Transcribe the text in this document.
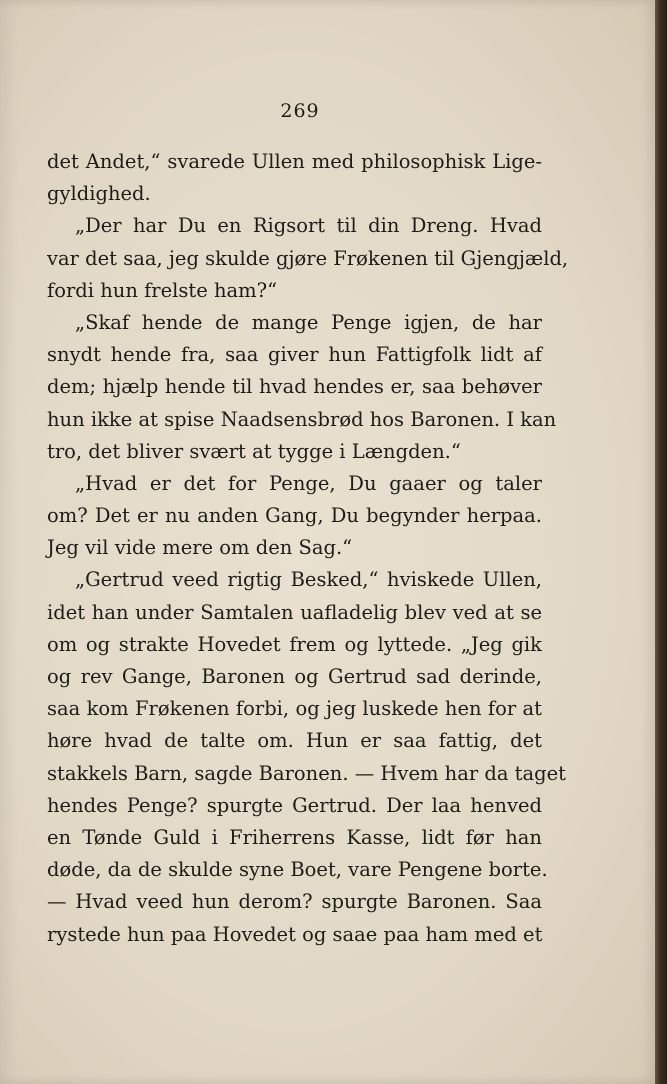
269
det Andet,“ svarede Ullen med philosophisk Lige-
gyldighed.
„Der har Du en Rigsort til din Dreng. Hvad
var det saa, jeg skulde gjøre Frøkenen til Gjengjæld,
fordi hun frelste ham?“
„Skaf hende de mange Penge igjen, de har
snydt hende fra, saa giver hun Fattigfolk lidt af
dem; hjælp hende til hvad hendes er, saa behøver
hun ikke at spise Naadsensbrød hos Baronen. I kan
tro, det bliver svært at tygge i Længden.“
„Hvad er det for Penge, Du gaaer og taler
om? Det er nu anden Gang, Du begynder herpaa.
Jeg vil vide mere om den Sag.“
„Gertrud veed rigtig Besked,“ hviskede Ullen,
idet han under Samtalen uafladelig blev ved at se
om og strakte Hovedet frem og lyttede. „Jeg gik
og rev Gange, Baronen og Gertrud sad derinde,
saa kom Frøkenen forbi, og jeg luskede hen for at
høre hvad de talte om. Hun er saa fattig, det
stakkels Barn, sagde Baronen. — Hvem har da taget
hendes Penge? spurgte Gertrud. Der laa henved
en Tønde Guld i Friherrens Kasse, lidt før han
døde, da de skulde syne Boet, vare Pengene borte.
— Hvad veed hun derom? spurgte Baronen. Saa
rystede hun paa Hovedet og saae paa ham med et
